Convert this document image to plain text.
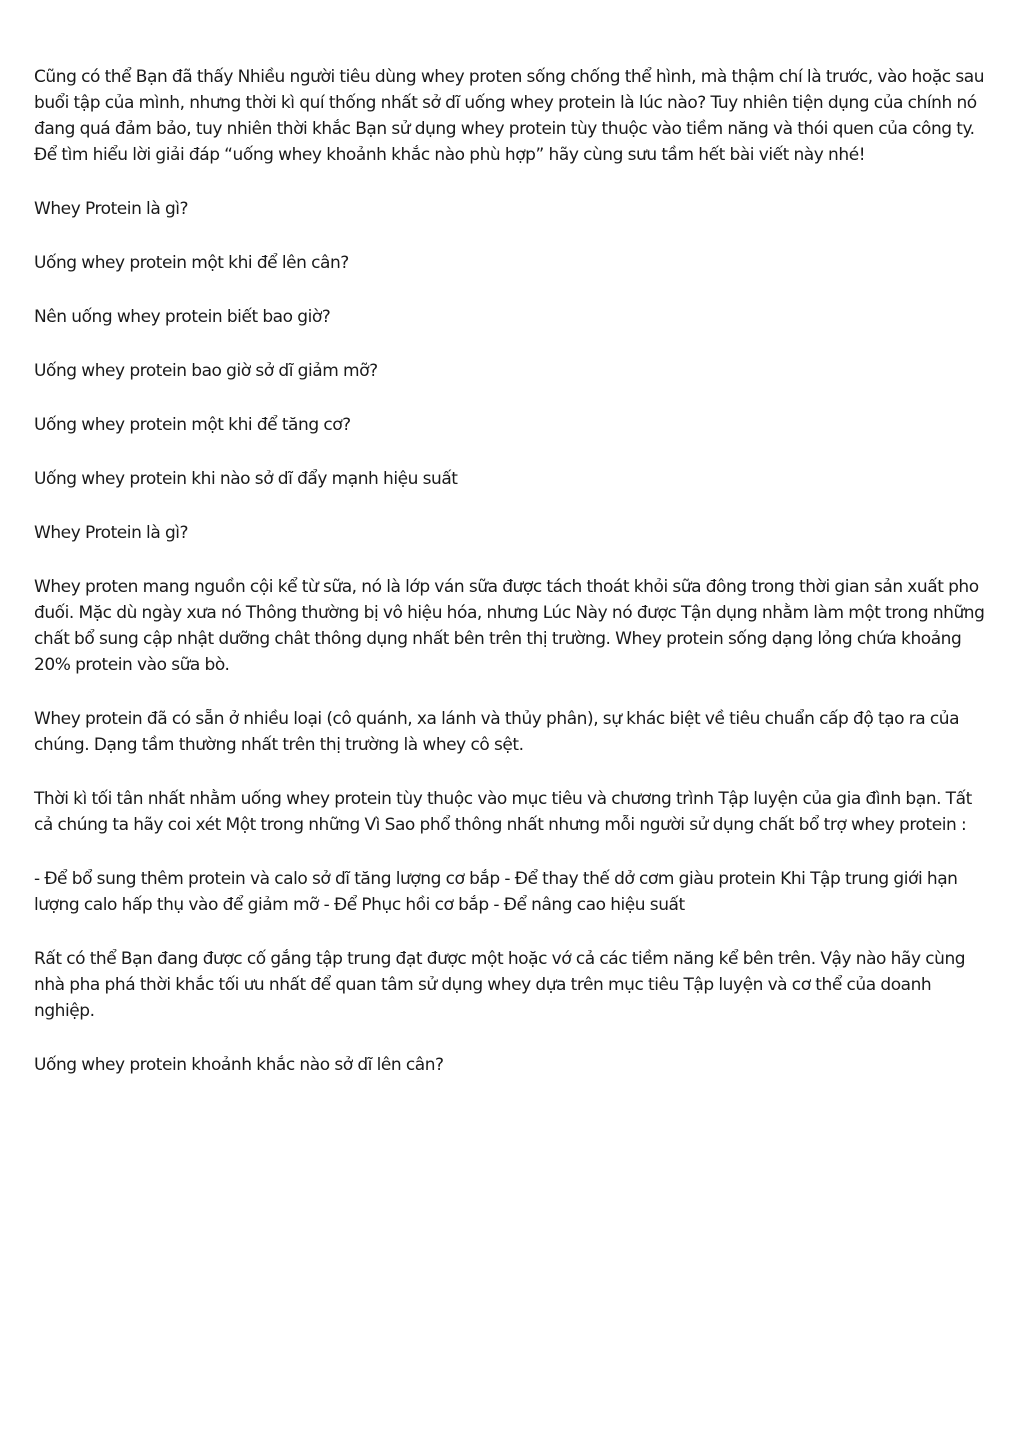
Cũng có thể Bạn đã thấy Nhiều người tiêu dùng whey proten sống chống thể hình, mà thậm chí là trước, vào hoặc sau buổi tập của mình, nhưng thời kì quí thống nhất sở dĩ uống whey protein là lúc nào? Tuy nhiên tiện dụng của chính nó đang quá đảm bảo, tuy nhiên thời khắc Bạn sử dụng whey protein tùy thuộc vào tiềm năng và thói quen của công ty. Để tìm hiểu lời giải đáp “uống whey khoảnh khắc nào phù hợp” hãy cùng sưu tầm hết bài viết này nhé!

Whey Protein là gì?

Uống whey protein một khi để lên cân?

Nên uống whey protein biết bao giờ?

Uống whey protein bao giờ sở dĩ giảm mỡ?

Uống whey protein một khi để tăng cơ?

Uống whey protein khi nào sở dĩ đẩy mạnh hiệu suất

Whey Protein là gì?

Whey proten mang nguồn cội kể từ sữa, nó là lớp ván sữa được tách thoát khỏi sữa đông trong thời gian sản xuất pho đuối. Mặc dù ngày xưa nó Thông thường bị vô hiệu hóa, nhưng Lúc Này nó được Tận dụng nhằm làm một trong những chất bổ sung cập nhật dưỡng chât thông dụng nhất bên trên thị trường. Whey protein sống dạng lỏng chứa khoảng 20% protein vào sữa bò.

Whey protein đã có sẵn ở nhiều loại (cô quánh, xa lánh và thủy phân), sự khác biệt về tiêu chuẩn cấp độ tạo ra của chúng. Dạng tầm thường nhất trên thị trường là whey cô sệt.

Thời kì tối tân nhất nhằm uống whey protein tùy thuộc vào mục tiêu và chương trình Tập luyện của gia đình bạn. Tất cả chúng ta hãy coi xét Một trong những Vì Sao phổ thông nhất nhưng mỗi người sử dụng chất bổ trợ whey protein :

- Để bổ sung thêm protein và calo sở dĩ tăng lượng cơ bắp - Để thay thế dở cơm giàu protein Khi Tập trung giới hạn lượng calo hấp thụ vào để giảm mỡ - Để Phục hồi cơ bắp - Để nâng cao hiệu suất

Rất có thể Bạn đang được cố gắng tập trung đạt được một hoặc vớ cả các tiềm năng kể bên trên. Vậy nào hãy cùng nhà pha phá thời khắc tối ưu nhất để quan tâm sử dụng whey dựa trên mục tiêu Tập luyện và cơ thể của doanh nghiệp.

Uống whey protein khoảnh khắc nào sở dĩ lên cân?
